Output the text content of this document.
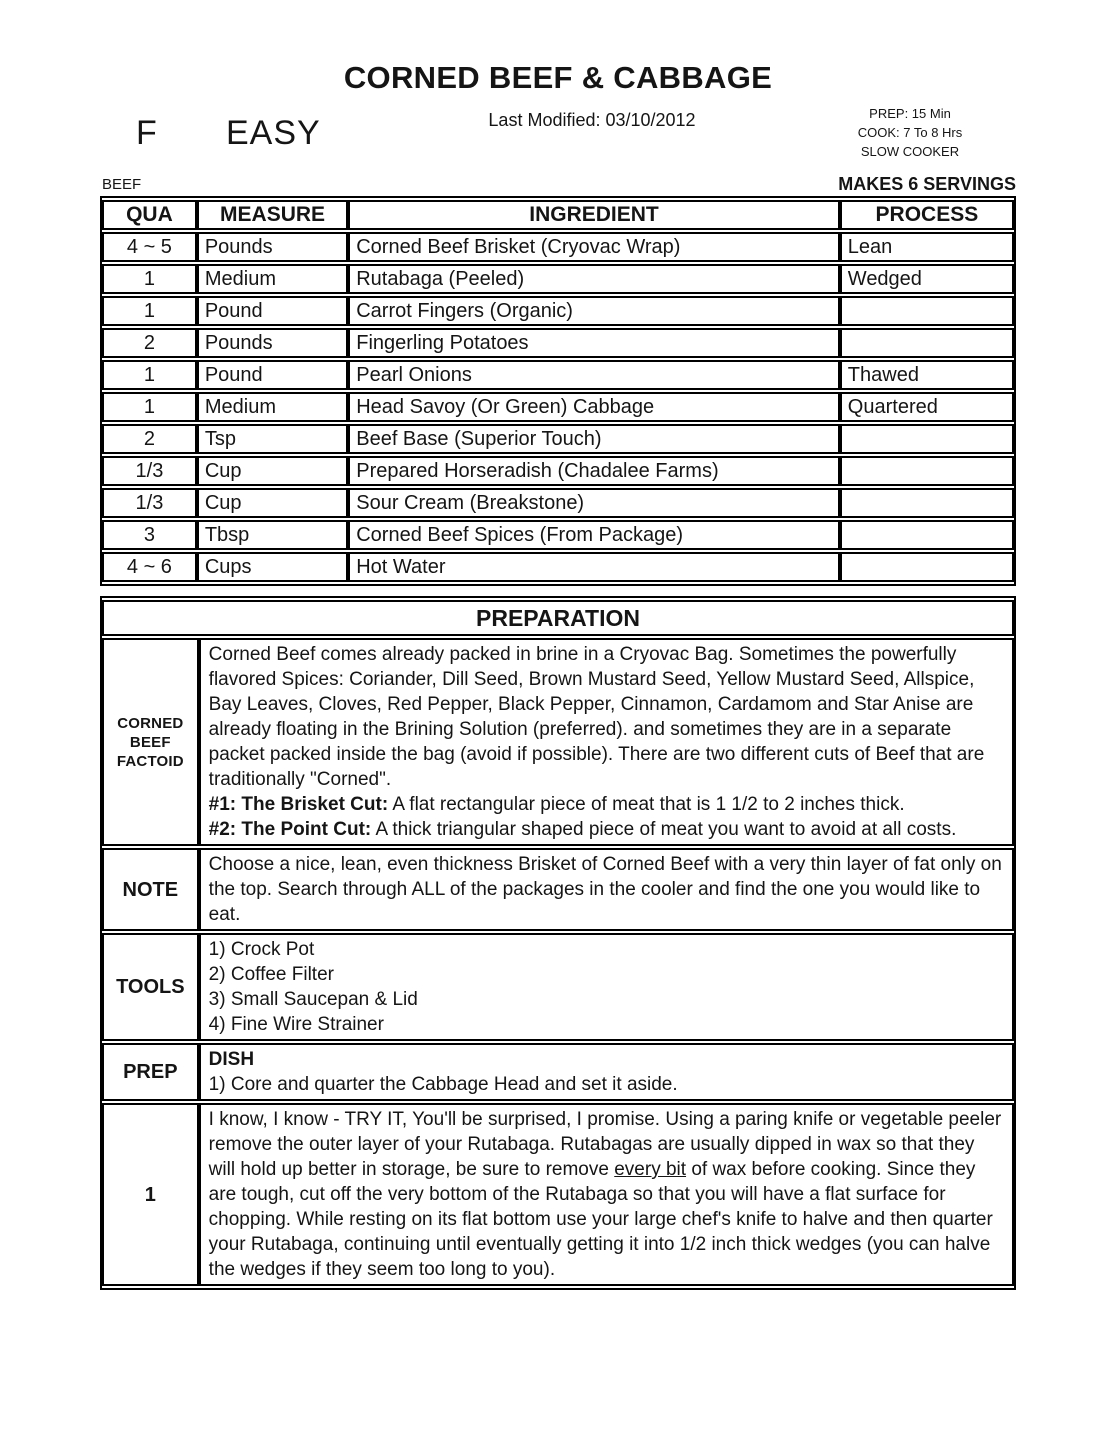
CORNED BEEF & CABBAGE
Last Modified: 03/10/2012
F EASY
PREP: 15 Min
COOK: 7 To 8 Hrs
SLOW COOKER
BEEF	MAKES 6 SERVINGS
QUA	MEASURE	INGREDIENT	PROCESS
4 ~ 5	Pounds	Corned Beef Brisket (Cryovac Wrap)	Lean
1	Medium	Rutabaga (Peeled)	Wedged
1	Pound	Carrot Fingers (Organic)	
2	Pounds	Fingerling Potatoes	
1	Pound	Pearl Onions	Thawed
1	Medium	Head Savoy (Or Green) Cabbage	Quartered
2	Tsp	Beef Base (Superior Touch)	
1/3	Cup	Prepared Horseradish (Chadalee Farms)	
1/3	Cup	Sour Cream (Breakstone)	
3	Tbsp	Corned Beef Spices (From Package)	
4 ~ 6	Cups	Hot Water	
PREPARATION	
CORNED BEEF FACTOID	Corned Beef comes already packed in brine in a Cryovac Bag. Sometimes the powerfully flavored Spices: Coriander, Dill Seed, Brown Mustard Seed, Yellow Mustard Seed, Allspice, Bay Leaves, Cloves, Red Pepper, Black Pepper, Cinnamon, Cardamom and Star Anise are already floating in the Brining Solution (preferred). and sometimes they are in a separate packet packed inside the bag (avoid if possible). There are two different cuts of Beef that are traditionally "Corned".
#1: The Brisket Cut: A flat rectangular piece of meat that is 1 1/2 to 2 inches thick.
#2: The Point Cut: A thick triangular shaped piece of meat you want to avoid at all costs.

NOTE	Choose a nice, lean, even thickness Brisket of Corned Beef with a very thin layer of fat only on the top. Search through ALL of the packages in the cooler and find the one you would like to eat.

TOOLS	1) Crock Pot
2) Coffee Filter
3) Small Saucepan & Lid
4) Fine Wire Strainer

PREP	DISH
1) Core and quarter the Cabbage Head and set it aside.

1	I know, I know - TRY IT, You'll be surprised, I promise. Using a paring knife or vegetable peeler remove the outer layer of your Rutabaga. Rutabagas are usually dipped in wax so that they will hold up better in storage, be sure to remove every bit of wax before cooking. Since they are tough, cut off the very bottom of the Rutabaga so that you will have a flat surface for chopping. While resting on its flat bottom use your large chef's knife to halve and then quarter your Rutabaga, continuing until eventually getting it into 1/2 inch thick wedges (you can halve the wedges if they seem too long to you).
